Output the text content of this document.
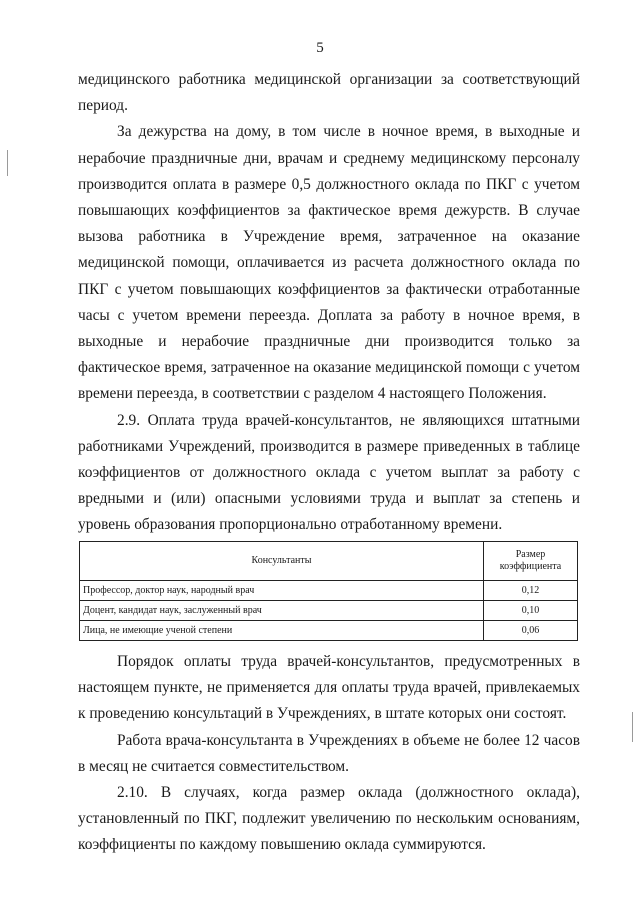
5

медицинского работника медицинской организации за соответствующий период.

За дежурства на дому, в том числе в ночное время, в выходные и нерабочие праздничные дни, врачам и среднему медицинскому персоналу производится оплата в размере 0,5 должностного оклада по ПКГ с учетом повышающих коэффициентов за фактическое время дежурств. В случае вызова работника в Учреждение время, затраченное на оказание медицинской помощи, оплачивается из расчета должностного оклада по ПКГ с учетом повышающих коэффициентов за фактически отработанные часы с учетом времени переезда. Доплата за работу в ночное время, в выходные и нерабочие праздничные дни производится только за фактическое время, затраченное на оказание медицинской помощи с учетом времени переезда, в соответствии с разделом 4 настоящего Положения.

2.9. Оплата труда врачей-консультантов, не являющихся штатными работниками Учреждений, производится в размере приведенных в таблице коэффициентов от должностного оклада с учетом выплат за работу с вредными и (или) опасными условиями труда и выплат за степень и уровень образования пропорционально отработанному времени.

Консультанты	Размер коэффициента
Профессор, доктор наук, народный врач	0,12
Доцент, кандидат наук, заслуженный врач	0,10
Лица, не имеющие ученой степени	0,06

Порядок оплаты труда врачей-консультантов, предусмотренных в настоящем пункте, не применяется для оплаты труда врачей, привлекаемых к проведению консультаций в Учреждениях, в штате которых они состоят.

Работа врача-консультанта в Учреждениях в объеме не более 12 часов в месяц не считается совместительством.

2.10. В случаях, когда размер оклада (должностного оклада), установленный по ПКГ, подлежит увеличению по нескольким основаниям, коэффициенты по каждому повышению оклада суммируются.
